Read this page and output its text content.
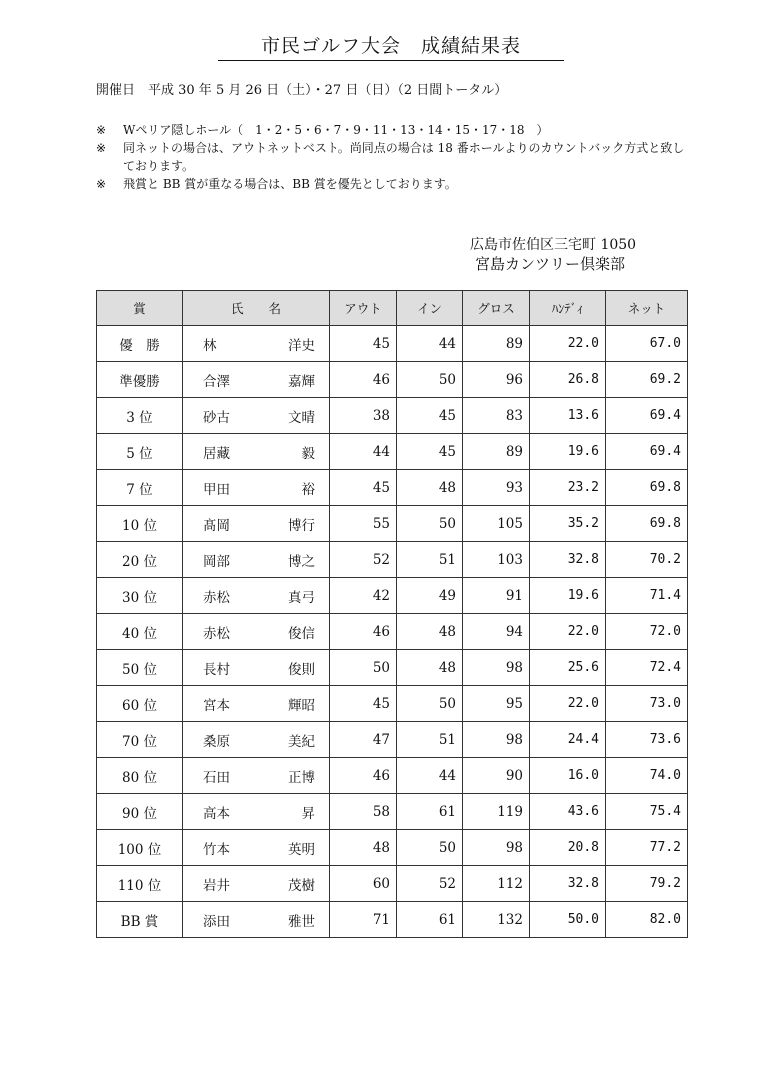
市民ゴルフ大会　成績結果表
開催日　平成 30 年 5 月 26 日（土）・27 日（日）（2 日間トータル）
※	Wペリア隠しホール（　1・2・5・6・7・9・11・13・14・15・17・18　）
※	同ネットの場合は、アウトネットベスト。尚同点の場合は 18 番ホールよりのカウントバック方式と致しております。
※	飛賞と BB 賞が重なる場合は、BB 賞を優先としております。
広島市佐伯区三宅町 1050
宮島カンツリー倶楽部
賞	氏　　名	アウト	イン	グロス	ﾊﾝﾃﾞｨ	ネット
優　勝	林 洋史	45	44	89	22.0	67.0
準優勝	合澤 嘉輝	46	50	96	26.8	69.2
3 位	砂古 文晴	38	45	83	13.6	69.4
5 位	居藏 毅	44	45	89	19.6	69.4
7 位	甲田 裕	45	48	93	23.2	69.8
10 位	髙岡 博行	55	50	105	35.2	69.8
20 位	岡部 博之	52	51	103	32.8	70.2
30 位	赤松 真弓	42	49	91	19.6	71.4
40 位	赤松 俊信	46	48	94	22.0	72.0
50 位	長村 俊則	50	48	98	25.6	72.4
60 位	宮本 輝昭	45	50	95	22.0	73.0
70 位	桑原 美紀	47	51	98	24.4	73.6
80 位	石田 正博	46	44	90	16.0	74.0
90 位	高本 昇	58	61	119	43.6	75.4
100 位	竹本 英明	48	50	98	20.8	77.2
110 位	岩井 茂樹	60	52	112	32.8	79.2
BB 賞	添田 雅世	71	61	132	50.0	82.0
